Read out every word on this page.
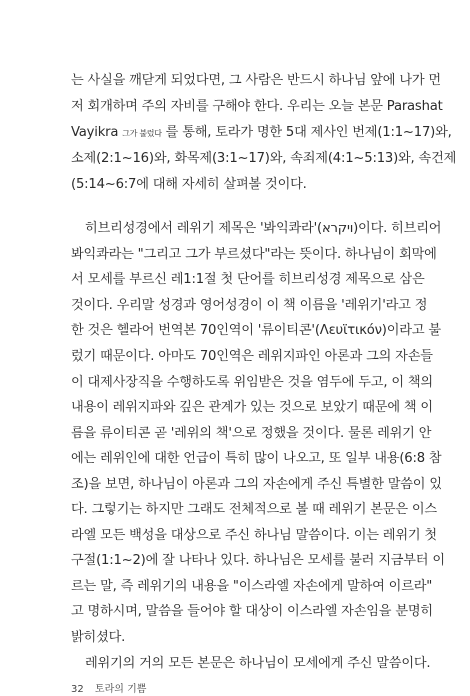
는 사실을 깨닫게 되었다면, 그 사람은 반드시 하나님 앞에 나가 먼
저 회개하며 주의 자비를 구해야 한다. 우리는 오늘 본문 Parashat
Vayikra 그가 불렀다 를 통해, 토라가 명한 5대 제사인 번제(1:1~17)와,
소제(2:1~16)와, 화목제(3:1~17)와, 속죄제(4:1~5:13)와, 속건제
(5:14~6:7에 대해 자세히 살펴볼 것이다.
히브리성경에서 레위기 제목은 '봐익콰라'(ויקרא)이다. 히브리어
봐익콰라는 "그리고 그가 부르셨다"라는 뜻이다. 하나님이 회막에
서 모세를 부르신 레1:1절 첫 단어를 히브리성경 제목으로 삼은
것이다. 우리말 성경과 영어성경이 이 책 이름을 '레위기'라고 정
한 것은 헬라어 번역본 70인역이 '류이티콘'(Λευϊτικόν)이라고 불
렀기 때문이다. 아마도 70인역은 레위지파인 아론과 그의 자손들
이 대제사장직을 수행하도록 위임받은 것을 염두에 두고, 이 책의
내용이 레위지파와 깊은 관계가 있는 것으로 보았기 때문에 책 이
름을 류이티콘 곧 '레위의 책'으로 정했을 것이다. 물론 레위기 안
에는 레위인에 대한 언급이 특히 많이 나오고, 또 일부 내용(6:8 참
조)을 보면, 하나님이 아론과 그의 자손에게 주신 특별한 말씀이 있
다. 그렇기는 하지만 그래도 전체적으로 볼 때 레위기 본문은 이스
라엘 모든 백성을 대상으로 주신 하나님 말씀이다. 이는 레위기 첫
구절(1:1~2)에 잘 나타나 있다. 하나님은 모세를 불러 지금부터 이
르는 말, 즉 레위기의 내용을 "이스라엘 자손에게 말하여 이르라"
고 명하시며, 말씀을 들어야 할 대상이 이스라엘 자손임을 분명히
밝히셨다.
레위기의 거의 모든 본문은 하나님이 모세에게 주신 말씀이다.
32 토라의 기쁨
